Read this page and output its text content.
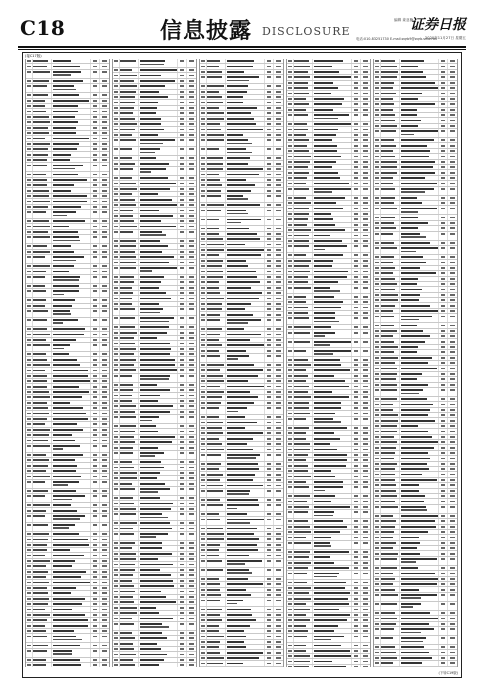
C18	信息披露 DISCLOSURE
编辑 姜亚楠
电话:010-83251730 E-mail:zqrb9@zqrb.sina.net
证券日报
2020年11月27日 星期五
(接C17版)
(下转C19版)
